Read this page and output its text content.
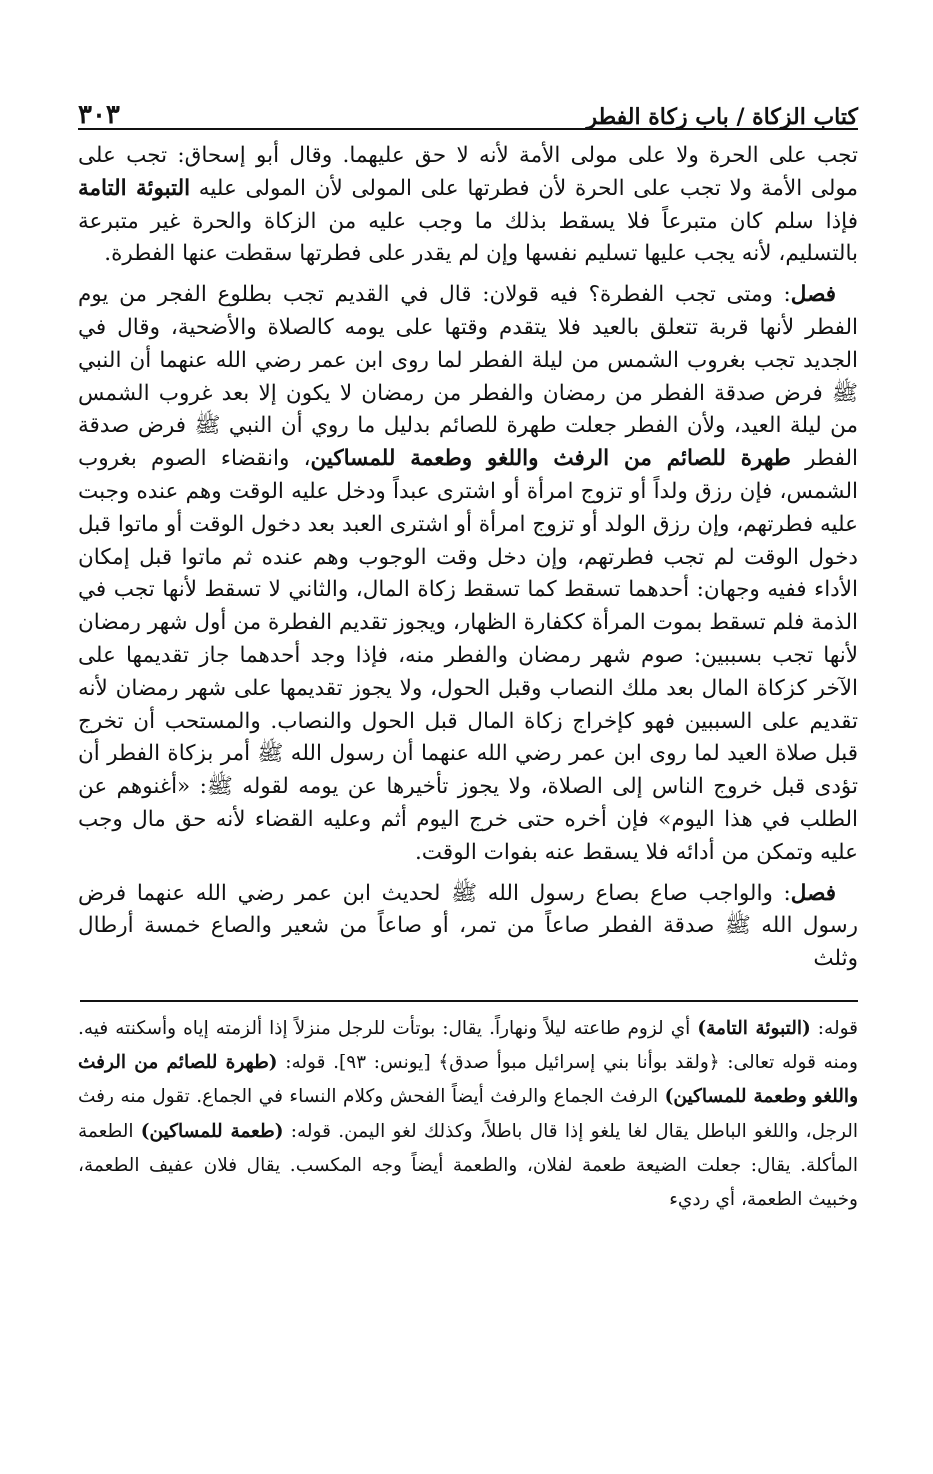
كتاب الزكاة / باب زكاة الفطر
٣٠٣

تجب على الحرة ولا على مولى الأمة لأنه لا حق عليهما. وقال أبو إسحاق: تجب على مولى الأمة ولا تجب على الحرة لأن فطرتها على المولى لأن المولى عليه التبوئة التامة فإذا سلم كان متبرعاً فلا يسقط بذلك ما وجب عليه من الزكاة والحرة غير متبرعة بالتسليم، لأنه يجب عليها تسليم نفسها وإن لم يقدر على فطرتها سقطت عنها الفطرة.

فصل: ومتى تجب الفطرة؟ فيه قولان: قال في القديم تجب بطلوع الفجر من يوم الفطر لأنها قربة تتعلق بالعيد فلا يتقدم وقتها على يومه كالصلاة والأضحية، وقال في الجديد تجب بغروب الشمس من ليلة الفطر لما روى ابن عمر رضي الله عنهما أن النبي ﷺ فرض صدقة الفطر من رمضان والفطر من رمضان لا يكون إلا بعد غروب الشمس من ليلة العيد، ولأن الفطر جعلت طهرة للصائم بدليل ما روي أن النبي ﷺ فرض صدقة الفطر طهرة للصائم من الرفث واللغو وطعمة للمساكين، وانقضاء الصوم بغروب الشمس، فإن رزق ولداً أو تزوج امرأة أو اشترى عبداً ودخل عليه الوقت وهم عنده وجبت عليه فطرتهم، وإن رزق الولد أو تزوج امرأة أو اشترى العبد بعد دخول الوقت أو ماتوا قبل دخول الوقت لم تجب فطرتهم، وإن دخل وقت الوجوب وهم عنده ثم ماتوا قبل إمكان الأداء ففيه وجهان: أحدهما تسقط كما تسقط زكاة المال، والثاني لا تسقط لأنها تجب في الذمة فلم تسقط بموت المرأة ككفارة الظهار، ويجوز تقديم الفطرة من أول شهر رمضان لأنها تجب بسببين: صوم شهر رمضان والفطر منه، فإذا وجد أحدهما جاز تقديمها على الآخر كزكاة المال بعد ملك النصاب وقبل الحول، ولا يجوز تقديمها على شهر رمضان لأنه تقديم على السببين فهو كإخراج زكاة المال قبل الحول والنصاب. والمستحب أن تخرج قبل صلاة العيد لما روى ابن عمر رضي الله عنهما أن رسول الله ﷺ أمر بزكاة الفطر أن تؤدى قبل خروج الناس إلى الصلاة، ولا يجوز تأخيرها عن يومه لقوله ﷺ: «أغنوهم عن الطلب في هذا اليوم» فإن أخره حتى خرج اليوم أثم وعليه القضاء لأنه حق مال وجب عليه وتمكن من أدائه فلا يسقط عنه بفوات الوقت.

فصل: والواجب صاع بصاع رسول الله ﷺ لحديث ابن عمر رضي الله عنهما فرض رسول الله ﷺ صدقة الفطر صاعاً من تمر، أو صاعاً من شعير والصاع خمسة أرطال وثلث

قوله: (التبوئة التامة) أي لزوم طاعته ليلاً ونهاراً. يقال: بوتأت للرجل منزلاً إذا ألزمته إياه وأسكنته فيه. ومنه قوله تعالى: ﴿ولقد بوأنا بني إسرائيل مبوأ صدق﴾ [يونس: ٩٣]. قوله: (طهرة للصائم من الرفث واللغو وطعمة للمساكين) الرفث الجماع والرفث أيضاً الفحش وكلام النساء في الجماع. تقول منه رفث الرجل، واللغو الباطل يقال لغا يلغو إذا قال باطلاً، وكذلك لغو اليمن. قوله: (طعمة للمساكين) الطعمة المأكلة. يقال: جعلت الضيعة طعمة لفلان، والطعمة أيضاً وجه المكسب. يقال فلان عفيف الطعمة، وخبيث الطعمة، أي رديء
